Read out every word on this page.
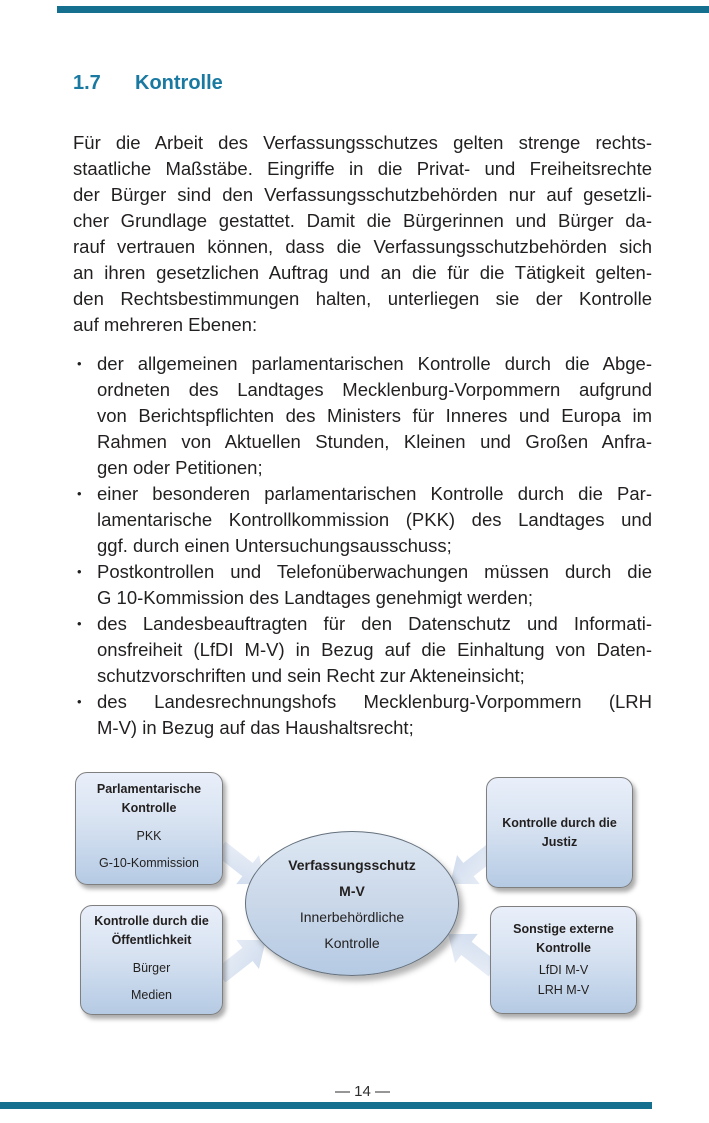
1.7 Kontrolle
Für die Arbeit des Verfassungsschutzes gelten strenge rechts-
staatliche Maßstäbe. Eingriffe in die Privat- und Freiheitsrechte
der Bürger sind den Verfassungsschutzbehörden nur auf gesetzli-
cher Grundlage gestattet. Damit die Bürgerinnen und Bürger da-
rauf vertrauen können, dass die Verfassungsschutzbehörden sich
an ihren gesetzlichen Auftrag und an die für die Tätigkeit gelten-
den Rechtsbestimmungen halten, unterliegen sie der Kontrolle
auf mehreren Ebenen:
• der allgemeinen parlamentarischen Kontrolle durch die Abge-
ordneten des Landtages Mecklenburg-Vorpommern aufgrund
von Berichtspflichten des Ministers für Inneres und Europa im
Rahmen von Aktuellen Stunden, Kleinen und Großen Anfra-
gen oder Petitionen;
• einer besonderen parlamentarischen Kontrolle durch die Par-
lamentarische Kontrollkommission (PKK) des Landtages und
ggf. durch einen Untersuchungsausschuss;
• Postkontrollen und Telefonüberwachungen müssen durch die
G 10-Kommission des Landtages genehmigt werden;
• des Landesbeauftragten für den Datenschutz und Informati-
onsfreiheit (LfDI M-V) in Bezug auf die Einhaltung von Daten-
schutzvorschriften und sein Recht zur Akteneinsicht;
• des Landesrechnungshofs Mecklenburg-Vorpommern (LRH
M-V) in Bezug auf das Haushaltsrecht;
Parlamentarische
Kontrolle
PKK
G-10-Kommission
Kontrolle durch die
Justiz
Kontrolle durch die
Öffentlichkeit
Bürger
Medien
Sonstige externe
Kontrolle
LfDI M-V
LRH M-V
Verfassungsschutz
M-V
Innerbehördliche
Kontrolle
— 14 —
